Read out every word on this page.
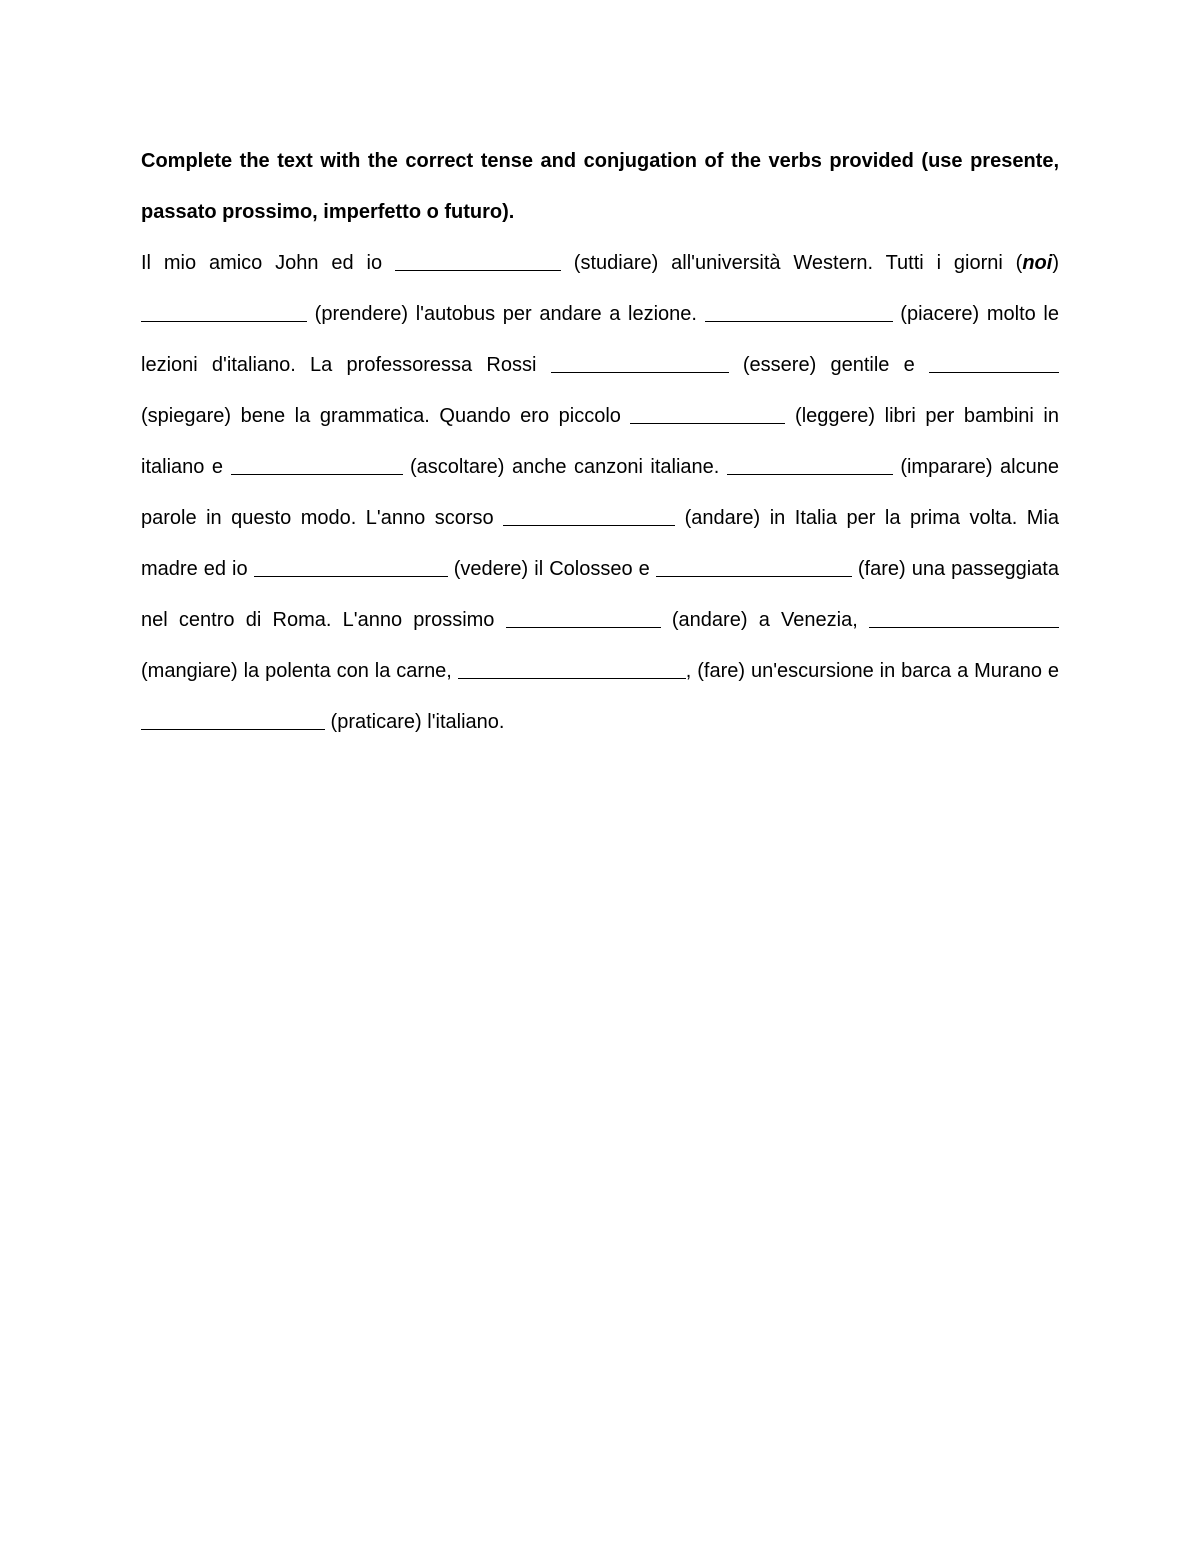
Complete the text with the correct tense and conjugation of the verbs provided (use presente, passato prossimo, imperfetto o futuro).

Il mio amico John ed io	(studiare) all'università Western. Tutti i giorni (noi)  (prendere) l'autobus per andare a lezione.	(piacere) molto le lezioni d'italiano. La professoressa Rossi	(essere) gentile e  (spiegare) bene la grammatica. Quando ero piccolo	(leggere) libri per bambini in italiano e	(ascoltare) anche canzoni italiane.	(imparare) alcune parole in questo modo. L'anno scorso	(andare) in Italia per la prima volta. Mia madre ed io	(vedere) il Colosseo e	(fare) una passeggiata nel centro di Roma. L'anno prossimo	(andare) a Venezia,  (mangiare) la polenta con la carne,	, (fare) un'escursione in barca a Murano e  (praticare) l'italiano.
